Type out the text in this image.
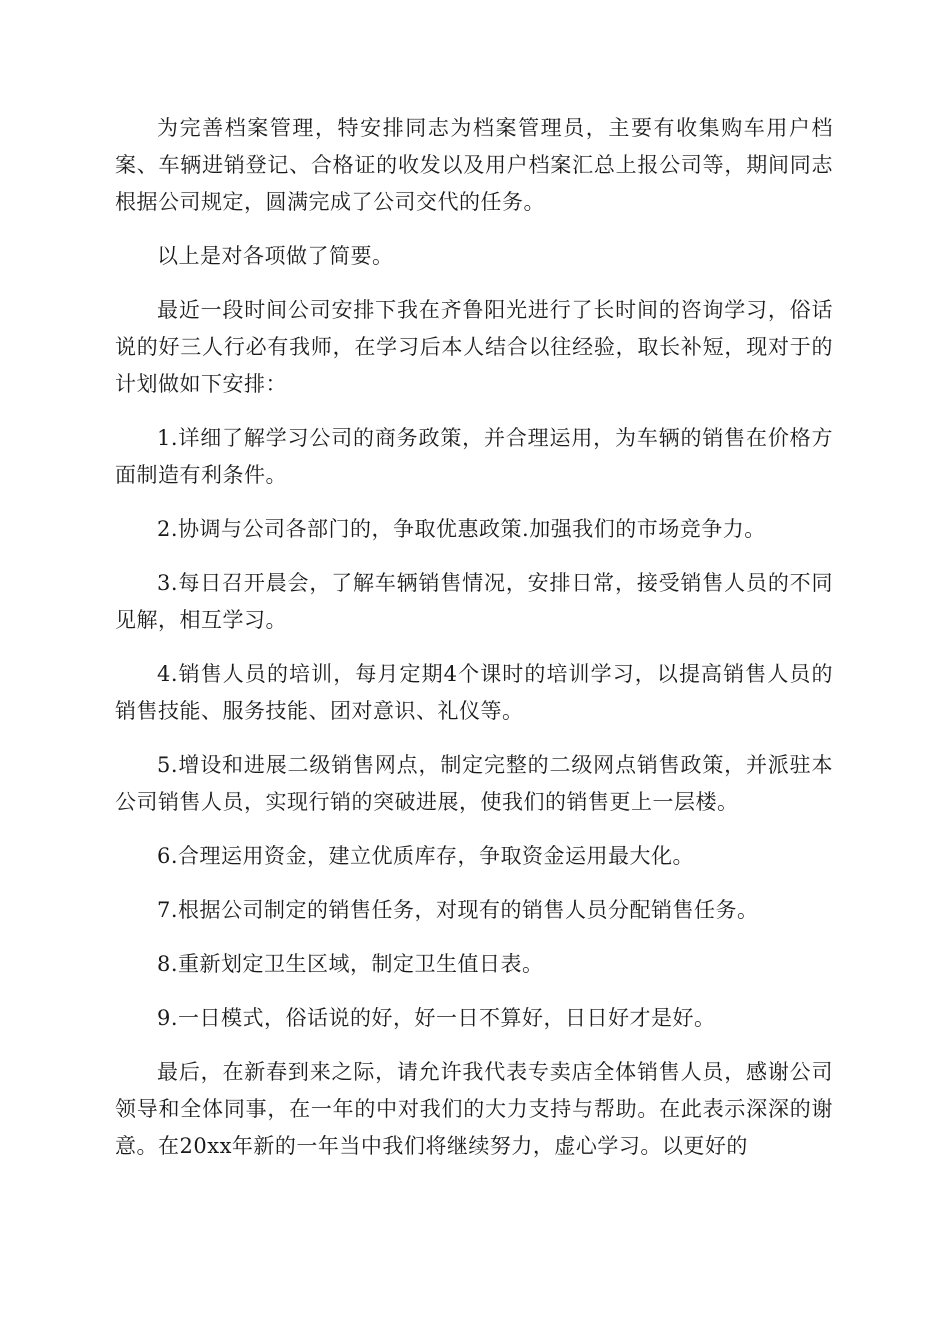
为完善档案管理，特安排同志为档案管理员，主要有收集购车用户档案、车辆进销登记、合格证的收发以及用户档案汇总上报公司等，期间同志根据公司规定，圆满完成了公司交代的任务。

以上是对各项做了简要。

最近一段时间公司安排下我在齐鲁阳光进行了长时间的咨询学习，俗话说的好三人行必有我师，在学习后本人结合以往经验，取长补短，现对于的计划做如下安排：

1.详细了解学习公司的商务政策，并合理运用，为车辆的销售在价格方面制造有利条件。

2.协调与公司各部门的，争取优惠政策.加强我们的市场竞争力。

3.每日召开晨会，了解车辆销售情况，安排日常，接受销售人员的不同见解，相互学习。

4.销售人员的培训，每月定期4个课时的培训学习，以提高销售人员的销售技能、服务技能、团对意识、礼仪等。

5.增设和进展二级销售网点，制定完整的二级网点销售政策，并派驻本公司销售人员，实现行销的突破进展，使我们的销售更上一层楼。

6.合理运用资金，建立优质库存，争取资金运用最大化。

7.根据公司制定的销售任务，对现有的销售人员分配销售任务。

8.重新划定卫生区域，制定卫生值日表。

9.一日模式，俗话说的好，好一日不算好，日日好才是好。

最后，在新春到来之际，请允许我代表专卖店全体销售人员，感谢公司领导和全体同事，在一年的中对我们的大力支持与帮助。在此表示深深的谢意。在20xx年新的一年当中我们将继续努力，虚心学习。以更好的
